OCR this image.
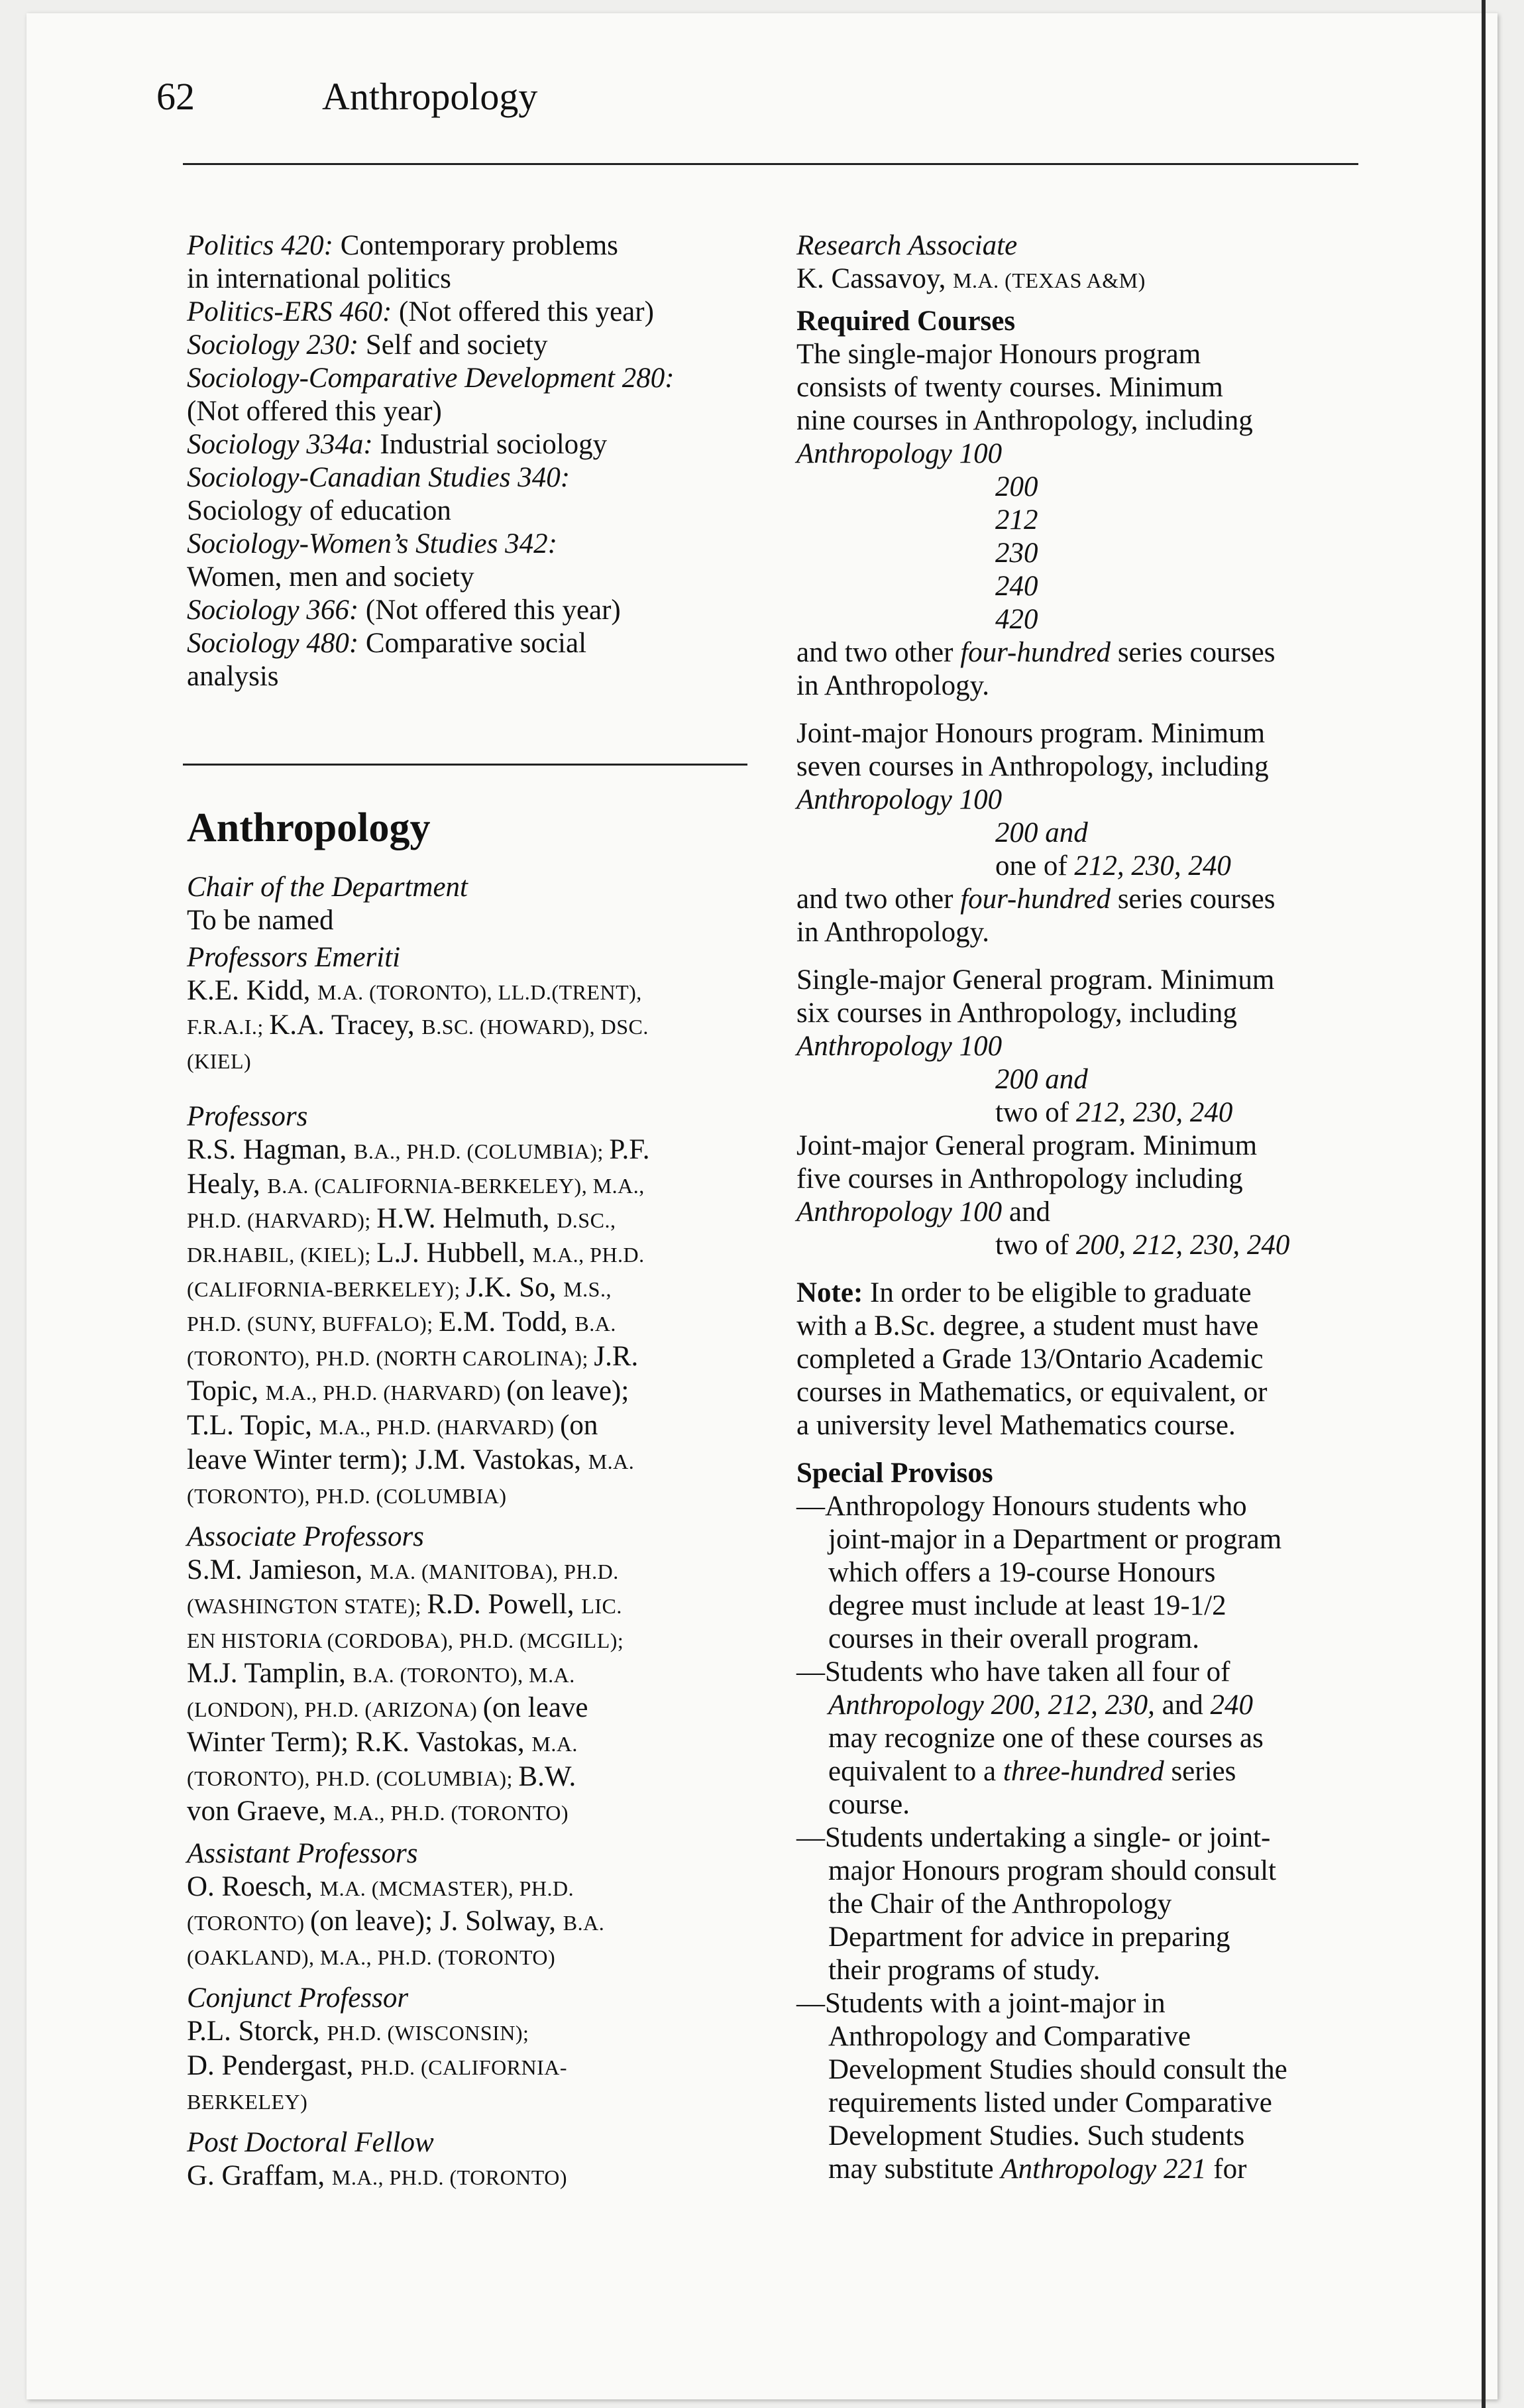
62	Anthropology

Politics 420: Contemporary problems

in international politics

Politics-ERS 460: (Not offered this year)

Sociology 230: Self and society

Sociology-Comparative Development 280:

(Not offered this year)

Sociology 334a: Industrial sociology

Sociology-Canadian Studies 340:

Sociology of education

Sociology-Women’s Studies 342:

Women, men and society

Sociology 366: (Not offered this year)

Sociology 480: Comparative social

analysis

Anthropology

Chair of the Department

To be named

Professors Emeriti

K.E. Kidd, M.A. (TORONTO), LL.D.(TRENT),

F.R.A.I.; K.A. Tracey, B.SC. (HOWARD), DSC.

(KIEL)

Professors

R.S. Hagman, B.A., PH.D. (COLUMBIA); P.F.

Healy, B.A. (CALIFORNIA-BERKELEY), M.A.,

PH.D. (HARVARD); H.W. Helmuth, D.SC.,

DR.HABIL, (KIEL); L.J. Hubbell, M.A., PH.D.

(CALIFORNIA-BERKELEY); J.K. So, M.S.,

PH.D. (SUNY, BUFFALO); E.M. Todd, B.A.

(TORONTO), PH.D. (NORTH CAROLINA); J.R.

Topic, M.A., PH.D. (HARVARD) (on leave);

T.L. Topic, M.A., PH.D. (HARVARD) (on

leave Winter term); J.M. Vastokas, M.A.

(TORONTO), PH.D. (COLUMBIA)

Associate Professors

S.M. Jamieson, M.A. (MANITOBA), PH.D.

(WASHINGTON STATE); R.D. Powell, LIC.

EN HISTORIA (CORDOBA), PH.D. (MCGILL);

M.J. Tamplin, B.A. (TORONTO), M.A.

(LONDON), PH.D. (ARIZONA) (on leave

Winter Term); R.K. Vastokas, M.A.

(TORONTO), PH.D. (COLUMBIA); B.W.

von Graeve, M.A., PH.D. (TORONTO)

Assistant Professors

O. Roesch, M.A. (MCMASTER), PH.D.

(TORONTO) (on leave); J. Solway, B.A.

(OAKLAND), M.A., PH.D. (TORONTO)

Conjunct Professor

P.L. Storck, PH.D. (WISCONSIN);

D. Pendergast, PH.D. (CALIFORNIA-

BERKELEY)

Post Doctoral Fellow

G. Graffam, M.A., PH.D. (TORONTO)

Research Associate

K. Cassavoy, M.A. (TEXAS A&M)

Required Courses

The single-major Honours program

consists of twenty courses. Minimum

nine courses in Anthropology, including

Anthropology 100

200

212

230

240

420

and two other four-hundred series courses

in Anthropology.

Joint-major Honours program. Minimum

seven courses in Anthropology, including

Anthropology 100

200 and

one of 212, 230, 240

and two other four-hundred series courses

in Anthropology.

Single-major General program. Minimum

six courses in Anthropology, including

Anthropology 100

200 and

two of 212, 230, 240

Joint-major General program. Minimum

five courses in Anthropology including

Anthropology 100 and

two of 200, 212, 230, 240

Note: In order to be eligible to graduate

with a B.Sc. degree, a student must have

completed a Grade 13/Ontario Academic

courses in Mathematics, or equivalent, or

a university level Mathematics course.

Special Provisos

—Anthropology Honours students who

joint-major in a Department or program

which offers a 19-course Honours

degree must include at least 19-1/2

courses in their overall program.

—Students who have taken all four of

Anthropology 200, 212, 230, and 240

may recognize one of these courses as

equivalent to a three-hundred series

course.

—Students undertaking a single- or joint-

major Honours program should consult

the Chair of the Anthropology

Department for advice in preparing

their programs of study.

—Students with a joint-major in

Anthropology and Comparative

Development Studies should consult the

requirements listed under Comparative

Development Studies. Such students

may substitute Anthropology 221 for
